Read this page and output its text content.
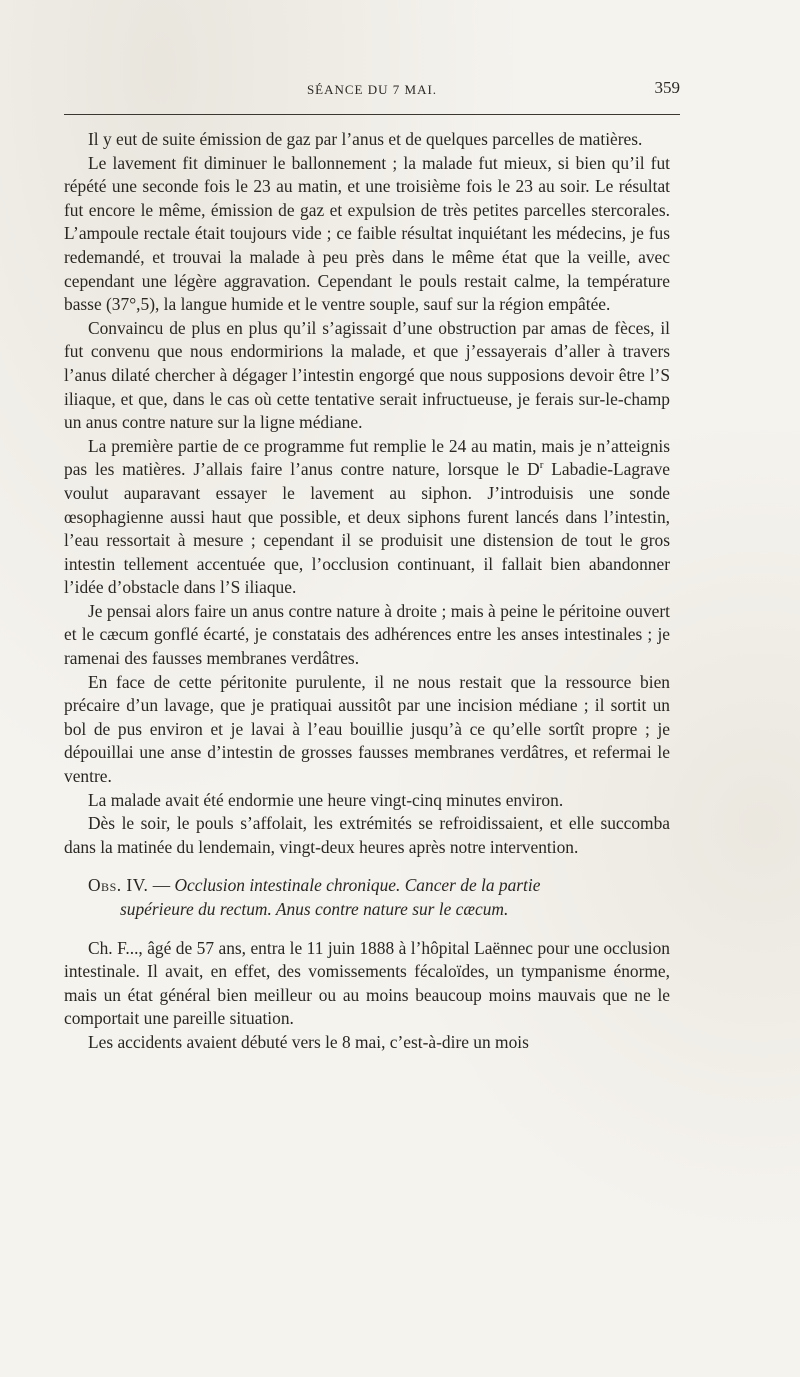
SÉANCE DU 7 MAI.	359

Il y eut de suite émission de gaz par l’anus et de quelques parcelles de matières.

Le lavement fit diminuer le ballonnement ; la malade fut mieux, si bien qu’il fut répété une seconde fois le 23 au matin, et une troisième fois le 23 au soir. Le résultat fut encore le même, émission de gaz et expulsion de très petites parcelles stercorales. L’ampoule rectale était toujours vide ; ce faible résultat inquiétant les médecins, je fus redemandé, et trouvai la malade à peu près dans le même état que la veille, avec cependant une légère aggravation. Cependant le pouls restait calme, la température basse (37°,5), la langue humide et le ventre souple, sauf sur la région empâtée.

Convaincu de plus en plus qu’il s’agissait d’une obstruction par amas de fèces, il fut convenu que nous endormirions la malade, et que j’essayerais d’aller à travers l’anus dilaté chercher à dégager l’intestin engorgé que nous supposions devoir être l’S iliaque, et que, dans le cas où cette tentative serait infructueuse, je ferais sur-le-champ un anus contre nature sur la ligne médiane.

La première partie de ce programme fut remplie le 24 au matin, mais je n’atteignis pas les matières. J’allais faire l’anus contre nature, lorsque le $D^r$ Labadie-Lagrave voulut auparavant essayer le lavement au siphon. J’introduisis une sonde œsophagienne aussi haut que possible, et deux siphons furent lancés dans l’intestin, l’eau ressortait à mesure ; cependant il se produisit une distension de tout le gros intestin tellement accentuée que, l’occlusion continuant, il fallait bien abandonner l’idée d’obstacle dans l’S iliaque.

Je pensai alors faire un anus contre nature à droite ; mais à peine le péritoine ouvert et le cæcum gonflé écarté, je constatais des adhérences entre les anses intestinales ; je ramenai des fausses membranes verdâtres.

En face de cette péritonite purulente, il ne nous restait que la ressource bien précaire d’un lavage, que je pratiquai aussitôt par une incision médiane ; il sortit un bol de pus environ et je lavai à l’eau bouillie jusqu’à ce qu’elle sortît propre ; je dépouillai une anse d’intestin de grosses fausses membranes verdâtres, et refermai le ventre.

La malade avait été endormie une heure vingt-cinq minutes environ.

Dès le soir, le pouls s’affolait, les extrémités se refroidissaient, et elle succomba dans la matinée du lendemain, vingt-deux heures après notre intervention.

Obs. IV. — Occlusion intestinale chronique. Cancer de la partie
supérieure du rectum. Anus contre nature sur le cæcum.

Ch. F..., âgé de 57 ans, entra le 11 juin 1888 à l’hôpital Laënnec pour une occlusion intestinale. Il avait, en effet, des vomissements fécaloïdes, un tympanisme énorme, mais un état général bien meilleur ou au moins beaucoup moins mauvais que ne le comportait une pareille situation.

Les accidents avaient débuté vers le 8 mai, c’est-à-dire un mois
